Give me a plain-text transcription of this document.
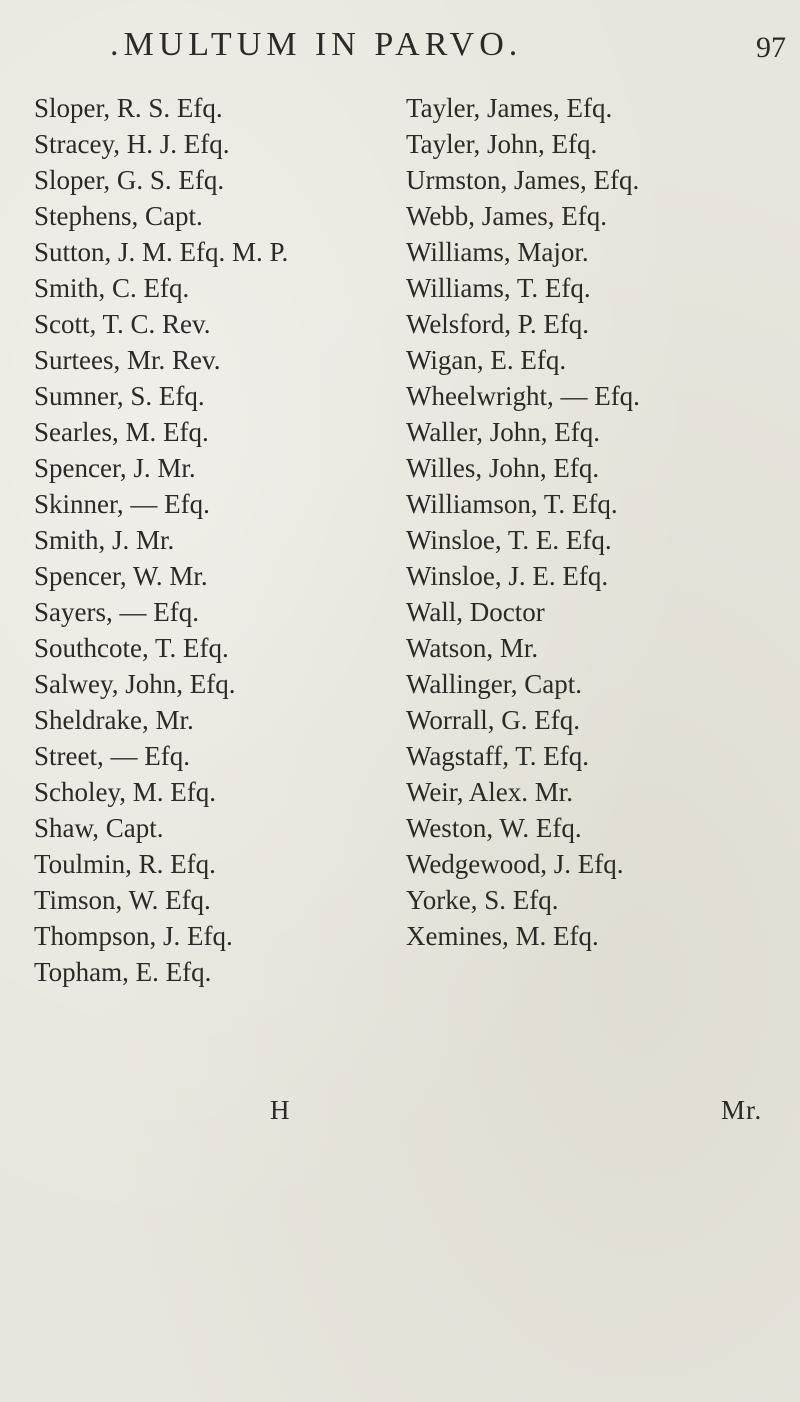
.MULTUM IN PARVO.	97
Sloper, R. S. Efq.
Stracey, H. J. Efq.
Sloper, G. S. Efq.
Stephens, Capt.
Sutton, J. M. Efq. M. P.
Smith, C. Efq.
Scott, T. C. Rev.
Surtees, Mr. Rev.
Sumner, S. Efq.
Searles, M. Efq.
Spencer, J. Mr.
Skinner, — Efq.
Smith, J. Mr.
Spencer, W. Mr.
Sayers, — Efq.
Southcote, T. Efq.
Salwey, John, Efq.
Sheldrake, Mr.
Street, — Efq.
Scholey, M. Efq.
Shaw, Capt.
Toulmin, R. Efq.
Timson, W. Efq.
Thompson, J. Efq.
Topham, E. Efq.
Tayler, James, Efq.
Tayler, John, Efq.
Urmston, James, Efq.
Webb, James, Efq.
Williams, Major.
Williams, T. Efq.
Welsford, P. Efq.
Wigan, E. Efq.
Wheelwright, — Efq.
Waller, John, Efq.
Willes, John, Efq.
Williamson, T. Efq.
Winsloe, T. E. Efq.
Winsloe, J. E. Efq.
Wall, Doctor
Watson, Mr.
Wallinger, Capt.
Worrall, G. Efq.
Wagstaff, T. Efq.
Weir, Alex. Mr.
Weston, W. Efq.
Wedgewood, J. Efq.
Yorke, S. Efq.
Xemines, M. Efq.
H	Mr.
